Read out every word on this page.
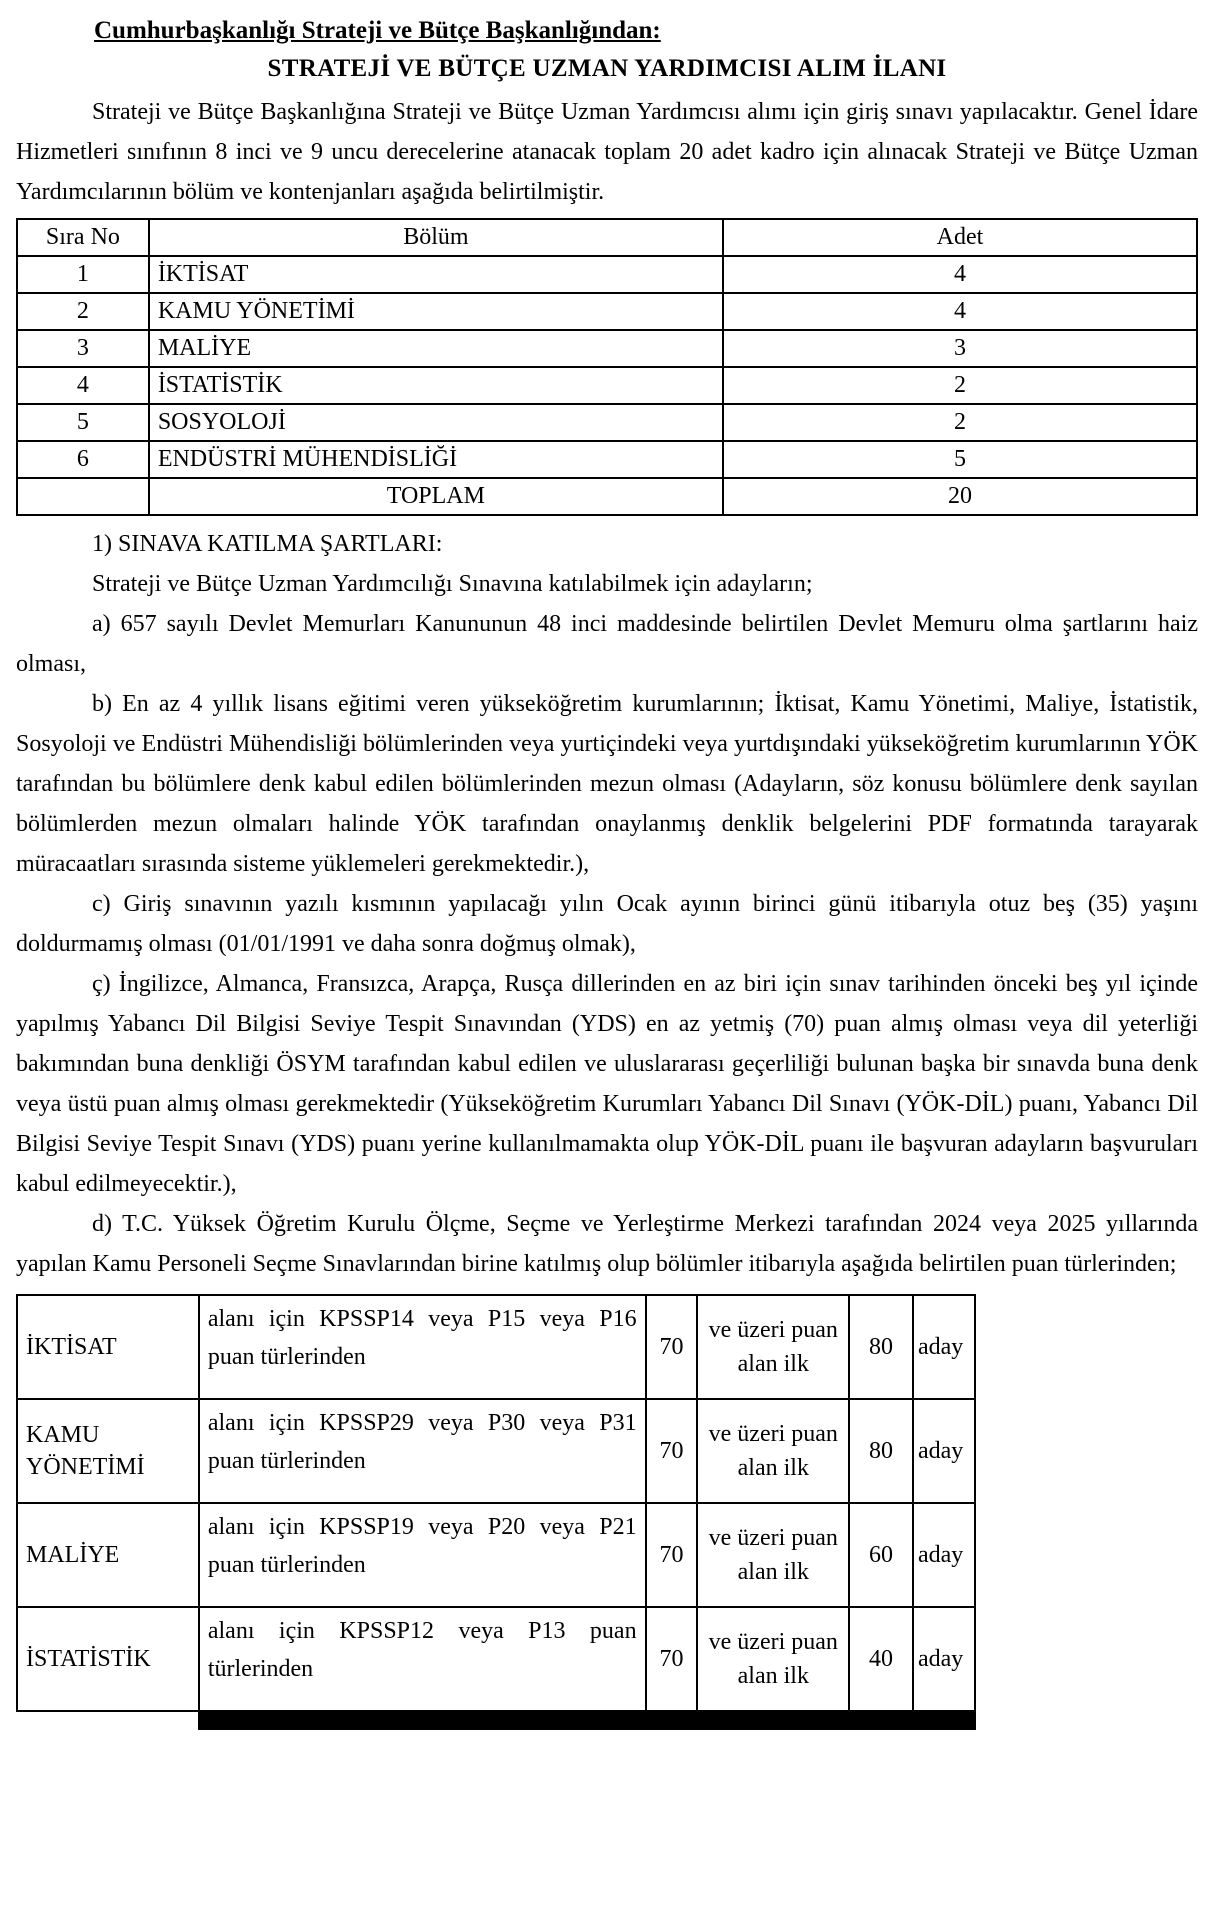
Cumhurbaşkanlığı Strateji ve Bütçe Başkanlığından:
STRATEJİ VE BÜTÇE UZMAN YARDIMCISI ALIM İLANI

Strateji ve Bütçe Başkanlığına Strateji ve Bütçe Uzman Yardımcısı alımı için giriş sınavı yapılacaktır. Genel İdare Hizmetleri sınıfının 8 inci ve 9 uncu derecelerine atanacak toplam 20 adet kadro için alınacak Strateji ve Bütçe Uzman Yardımcılarının bölüm ve kontenjanları aşağıda belirtilmiştir.

Sıra No	Bölüm	Adet
1	İKTİSAT	4
2	KAMU YÖNETİMİ	4
3	MALİYE	3
4	İSTATİSTİK	2
5	SOSYOLOJİ	2
6	ENDÜSTRİ MÜHENDİSLİĞİ	5
	TOPLAM	20

1) SINAVA KATILMA ŞARTLARI:

Strateji ve Bütçe Uzman Yardımcılığı Sınavına katılabilmek için adayların;

a) 657 sayılı Devlet Memurları Kanununun 48 inci maddesinde belirtilen Devlet Memuru olma şartlarını haiz olması,

b) En az 4 yıllık lisans eğitimi veren yükseköğretim kurumlarının; İktisat, Kamu Yönetimi, Maliye, İstatistik, Sosyoloji ve Endüstri Mühendisliği bölümlerinden veya yurtiçindeki veya yurtdışındaki yükseköğretim kurumlarının YÖK tarafından bu bölümlere denk kabul edilen bölümlerinden mezun olması (Adayların, söz konusu bölümlere denk sayılan bölümlerden mezun olmaları halinde YÖK tarafından onaylanmış denklik belgelerini PDF formatında tarayarak müracaatları sırasında sisteme yüklemeleri gerekmektedir.),

c) Giriş sınavının yazılı kısmının yapılacağı yılın Ocak ayının birinci günü itibarıyla otuz beş (35) yaşını doldurmamış olması (01/01/1991 ve daha sonra doğmuş olmak),

ç) İngilizce, Almanca, Fransızca, Arapça, Rusça dillerinden en az biri için sınav tarihinden önceki beş yıl içinde yapılmış Yabancı Dil Bilgisi Seviye Tespit Sınavından (YDS) en az yetmiş (70) puan almış olması veya dil yeterliği bakımından buna denkliği ÖSYM tarafından kabul edilen ve uluslararası geçerliliği bulunan başka bir sınavda buna denk veya üstü puan almış olması gerekmektedir (Yükseköğretim Kurumları Yabancı Dil Sınavı (YÖK-DİL) puanı, Yabancı Dil Bilgisi Seviye Tespit Sınavı (YDS) puanı yerine kullanılmamakta olup YÖK-DİL puanı ile başvuran adayların başvuruları kabul edilmeyecektir.),

d) T.C. Yüksek Öğretim Kurulu Ölçme, Seçme ve Yerleştirme Merkezi tarafından 2024 veya 2025 yıllarında yapılan Kamu Personeli Seçme Sınavlarından birine katılmış olup bölümler itibarıyla aşağıda belirtilen puan türlerinden;

İKTİSAT	alanı için KPSSP14 veya P15 veya P16 puan türlerinden	70	ve üzeri puan alan ilk	80	aday
KAMU YÖNETİMİ	alanı için KPSSP29 veya P30 veya P31 puan türlerinden	70	ve üzeri puan alan ilk	80	aday
MALİYE	alanı için KPSSP19 veya P20 veya P21 puan türlerinden	70	ve üzeri puan alan ilk	60	aday
İSTATİSTİK	alanı için KPSSP12 veya P13 puan türlerinden	70	ve üzeri puan alan ilk	40	aday
